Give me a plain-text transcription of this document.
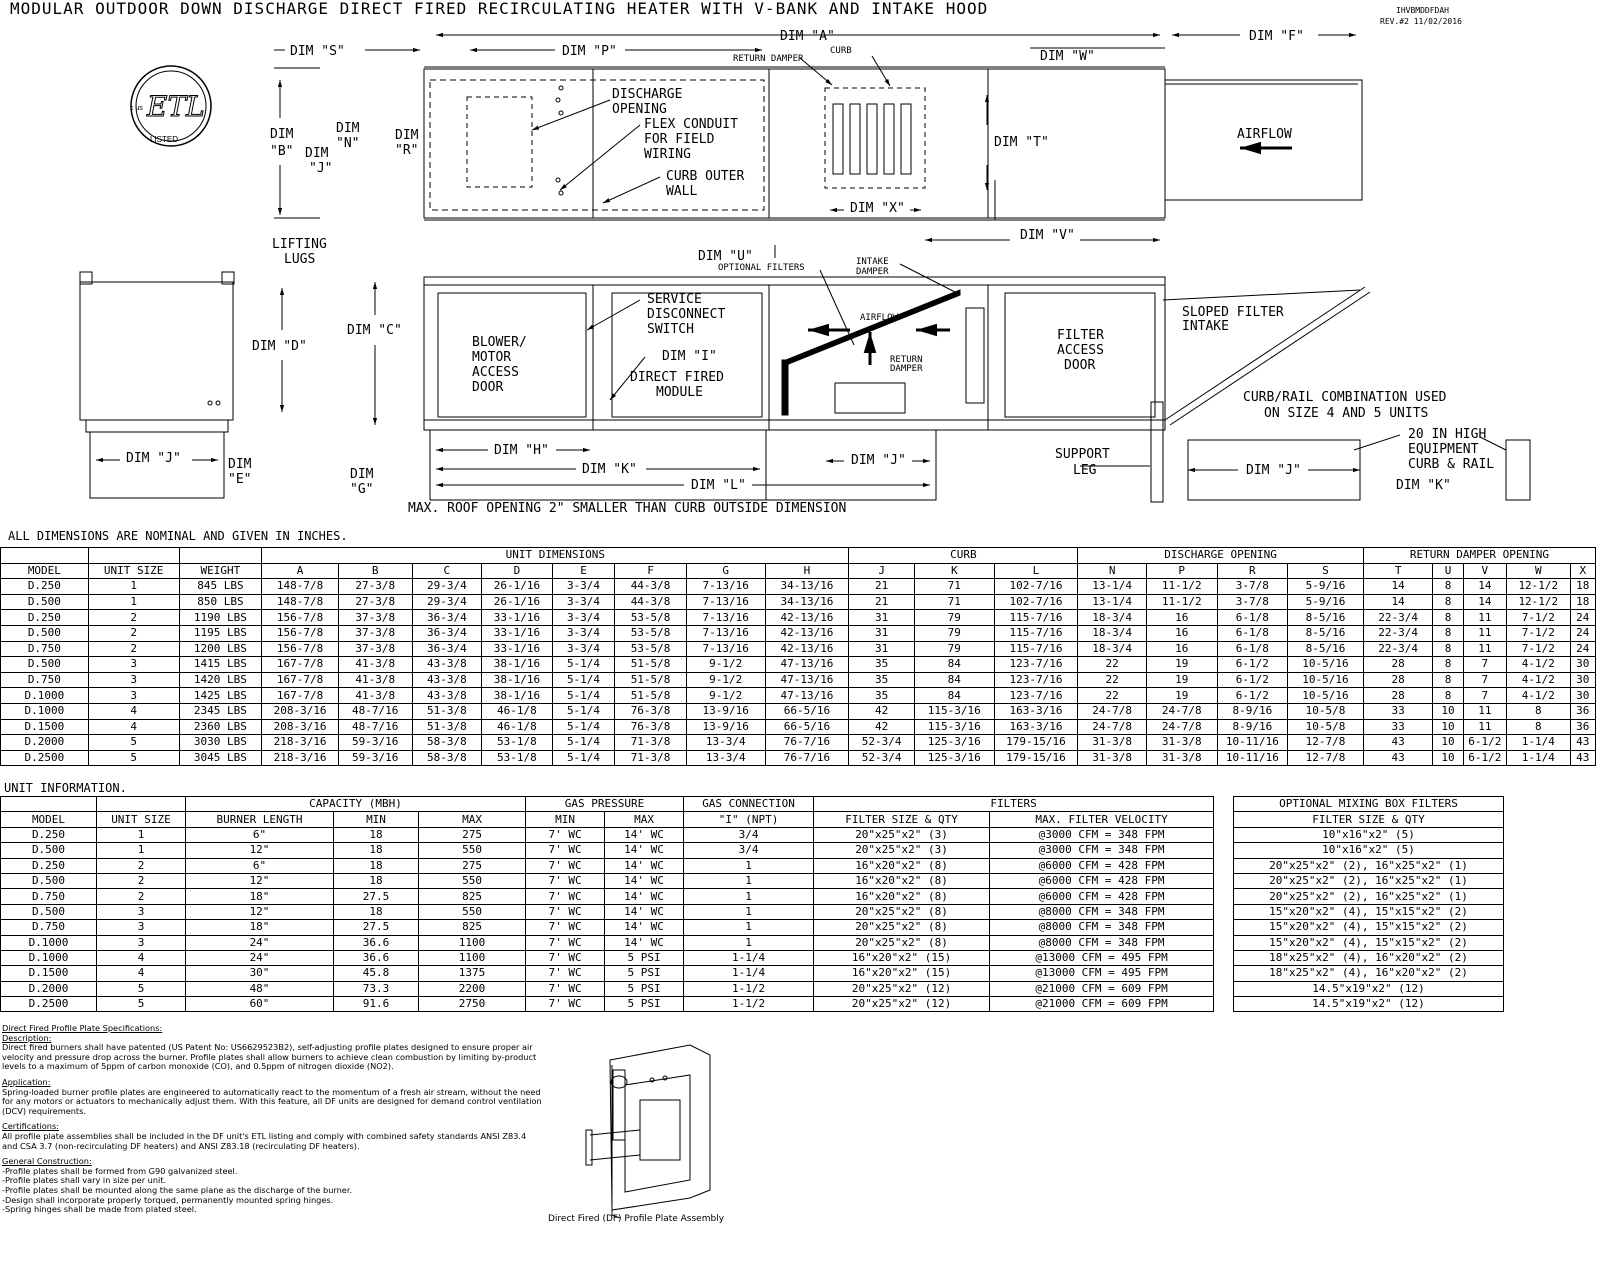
MODULAR OUTDOOR DOWN DISCHARGE DIRECT FIRED RECIRCULATING HEATER WITH V-BANK AND INTAKE HOOD	IHVBMDDFDAH
REV.#2 11/02/2016
ETL
LISTED
c us
DIM "S"	DIM "P"
DIM "A"	DIM "F"
DIM "W"
RETURN DAMPER
CURB
DIM
"B"
DIM
"N"
DIM
"R"
DIM
"J"
DISCHARGE
OPENING
FLEX CONDUIT
FOR FIELD
WIRING
CURB OUTER
WALL
DIM "T"
AIRFLOW
DIM "X"
DIM "V"
LIFTING
LUGS
DIM "D"
DIM "J"	DIM
"E"
DIM "C"
BLOWER/
MOTOR
ACCESS
DOOR
SERVICE
DISCONNECT
SWITCH
DIM "I"
DIRECT FIRED
MODULE
DIM "U"
OPTIONAL FILTERS
INTAKE
DAMPER
AIRFLOW
RETURN
DAMPER
FILTER
ACCESS
DOOR
SLOPED FILTER
INTAKE
CURB/RAIL COMBINATION USED
ON SIZE 4 AND 5 UNITS
DIM "H"
DIM "K"
DIM "L"
DIM
"G"
DIM "J"	SUPPORT
LEG
20 IN HIGH
EQUIPMENT
CURB & RAIL
DIM "J"
DIM "K"
MAX. ROOF OPENING 2" SMALLER THAN CURB OUTSIDE DIMENSION
ALL DIMENSIONS ARE NOMINAL AND GIVEN IN INCHES.
UNIT INFORMATION.
			UNIT DIMENSIONS								CURB			DISCHARGE OPENING				RETURN DAMPER OPENING				
MODEL	UNIT SIZE	WEIGHT	A	B	C	D	E	F	G	H	J	K	L	N	P	R	S	T	U	V	W	X
D.250	1	845 LBS	148-7/8	27-3/8	29-3/4	26-1/16	3-3/4	44-3/8	7-13/16	34-13/16	21	71	102-7/16	13-1/4	11-1/2	3-7/8	5-9/16	14	8	14	12-1/2	18
D.500	1	850 LBS	148-7/8	27-3/8	29-3/4	26-1/16	3-3/4	44-3/8	7-13/16	34-13/16	21	71	102-7/16	13-1/4	11-1/2	3-7/8	5-9/16	14	8	14	12-1/2	18
D.250	2	1190 LBS	156-7/8	37-3/8	36-3/4	33-1/16	3-3/4	53-5/8	7-13/16	42-13/16	31	79	115-7/16	18-3/4	16	6-1/8	8-5/16	22-3/4	8	11	7-1/2	24
D.500	2	1195 LBS	156-7/8	37-3/8	36-3/4	33-1/16	3-3/4	53-5/8	7-13/16	42-13/16	31	79	115-7/16	18-3/4	16	6-1/8	8-5/16	22-3/4	8	11	7-1/2	24
D.750	2	1200 LBS	156-7/8	37-3/8	36-3/4	33-1/16	3-3/4	53-5/8	7-13/16	42-13/16	31	79	115-7/16	18-3/4	16	6-1/8	8-5/16	22-3/4	8	11	7-1/2	24
D.500	3	1415 LBS	167-7/8	41-3/8	43-3/8	38-1/16	5-1/4	51-5/8	9-1/2	47-13/16	35	84	123-7/16	22	19	6-1/2	10-5/16	28	8	7	4-1/2	30
D.750	3	1420 LBS	167-7/8	41-3/8	43-3/8	38-1/16	5-1/4	51-5/8	9-1/2	47-13/16	35	84	123-7/16	22	19	6-1/2	10-5/16	28	8	7	4-1/2	30
D.1000	3	1425 LBS	167-7/8	41-3/8	43-3/8	38-1/16	5-1/4	51-5/8	9-1/2	47-13/16	35	84	123-7/16	22	19	6-1/2	10-5/16	28	8	7	4-1/2	30
D.1000	4	2345 LBS	208-3/16	48-7/16	51-3/8	46-1/8	5-1/4	76-3/8	13-9/16	66-5/16	42	115-3/16	163-3/16	24-7/8	24-7/8	8-9/16	10-5/8	33	10	11	8	36
D.1500	4	2360 LBS	208-3/16	48-7/16	51-3/8	46-1/8	5-1/4	76-3/8	13-9/16	66-5/16	42	115-3/16	163-3/16	24-7/8	24-7/8	8-9/16	10-5/8	33	10	11	8	36
D.2000	5	3030 LBS	218-3/16	59-3/16	58-3/8	53-1/8	5-1/4	71-3/8	13-3/4	76-7/16	52-3/4	125-3/16	179-15/16	31-3/8	31-3/8	10-11/16	12-7/8	43	10	6-1/2	1-1/4	43
D.2500	5	3045 LBS	218-3/16	59-3/16	58-3/8	53-1/8	5-1/4	71-3/8	13-3/4	76-7/16	52-3/4	125-3/16	179-15/16	31-3/8	31-3/8	10-11/16	12-7/8	43	10	6-1/2	1-1/4	43
		CAPACITY (MBH)			GAS PRESSURE		GAS CONNECTION	FILTERS	
MODEL	UNIT SIZE	BURNER LENGTH	MIN	MAX	MIN	MAX	"I" (NPT)	FILTER SIZE & QTY	MAX. FILTER VELOCITY
D.250	1	6"	18	275	7' WC	14' WC	3/4	20"x25"x2" (3)	@3000 CFM = 348 FPM
D.500	1	12"	18	550	7' WC	14' WC	3/4	20"x25"x2" (3)	@3000 CFM = 348 FPM
D.250	2	6"	18	275	7' WC	14' WC	1	16"x20"x2" (8)	@6000 CFM = 428 FPM
D.500	2	12"	18	550	7' WC	14' WC	1	16"x20"x2" (8)	@6000 CFM = 428 FPM
D.750	2	18"	27.5	825	7' WC	14' WC	1	16"x20"x2" (8)	@6000 CFM = 428 FPM
D.500	3	12"	18	550	7' WC	14' WC	1	20"x25"x2" (8)	@8000 CFM = 348 FPM
D.750	3	18"	27.5	825	7' WC	14' WC	1	20"x25"x2" (8)	@8000 CFM = 348 FPM
D.1000	3	24"	36.6	1100	7' WC	14' WC	1	20"x25"x2" (8)	@8000 CFM = 348 FPM
D.1000	4	24"	36.6	1100	7' WC	5 PSI	1-1/4	16"x20"x2" (15)	@13000 CFM = 495 FPM
D.1500	4	30"	45.8	1375	7' WC	5 PSI	1-1/4	16"x20"x2" (15)	@13000 CFM = 495 FPM
D.2000	5	48"	73.3	2200	7' WC	5 PSI	1-1/2	20"x25"x2" (12)	@21000 CFM = 609 FPM
D.2500	5	60"	91.6	2750	7' WC	5 PSI	1-1/2	20"x25"x2" (12)	@21000 CFM = 609 FPM
OPTIONAL MIXING BOX FILTERS
FILTER SIZE & QTY
10"x16"x2" (5)
10"x16"x2" (5)
20"x25"x2" (2), 16"x25"x2" (1)
20"x25"x2" (2), 16"x25"x2" (1)
20"x25"x2" (2), 16"x25"x2" (1)
15"x20"x2" (4), 15"x15"x2" (2)
15"x20"x2" (4), 15"x15"x2" (2)
15"x20"x2" (4), 15"x15"x2" (2)
18"x25"x2" (4), 16"x20"x2" (2)
18"x25"x2" (4), 16"x20"x2" (2)
14.5"x19"x2" (12)
14.5"x19"x2" (12)

Direct Fired Profile Plate Specifications:

Description:

Direct fired burners shall have patented (US Patent No: US6629523B2), self-adjusting profile plates designed to ensure proper air velocity and pressure drop across the burner. Profile plates shall allow burners to achieve clean combustion by limiting by-product levels to a maximum of 5ppm of carbon monoxide (CO), and 0.5ppm of nitrogen dioxide (NO2).

Application:

Spring-loaded burner profile plates are engineered to automatically react to the momentum of a fresh air stream, without the need for any motors or actuators to mechanically adjust them. With this feature, all DF units are designed for demand control ventilation (DCV) requirements.

Certifications:

All profile plate assemblies shall be included in the DF unit's ETL listing and comply with combined safety standards ANSI Z83.4 and CSA 3.7 (non-recirculating DF heaters) and ANSI Z83.18 (recirculating DF heaters).

General Construction:

-Profile plates shall be formed from G90 galvanized steel.

-Profile plates shall vary in size per unit.

-Profile plates shall be mounted along the same plane as the discharge of the burner.

-Design shall incorporate properly torqued, permanently mounted spring hinges.

-Spring hinges shall be made from plated steel.

Direct Fired (DF) Profile Plate Assembly
